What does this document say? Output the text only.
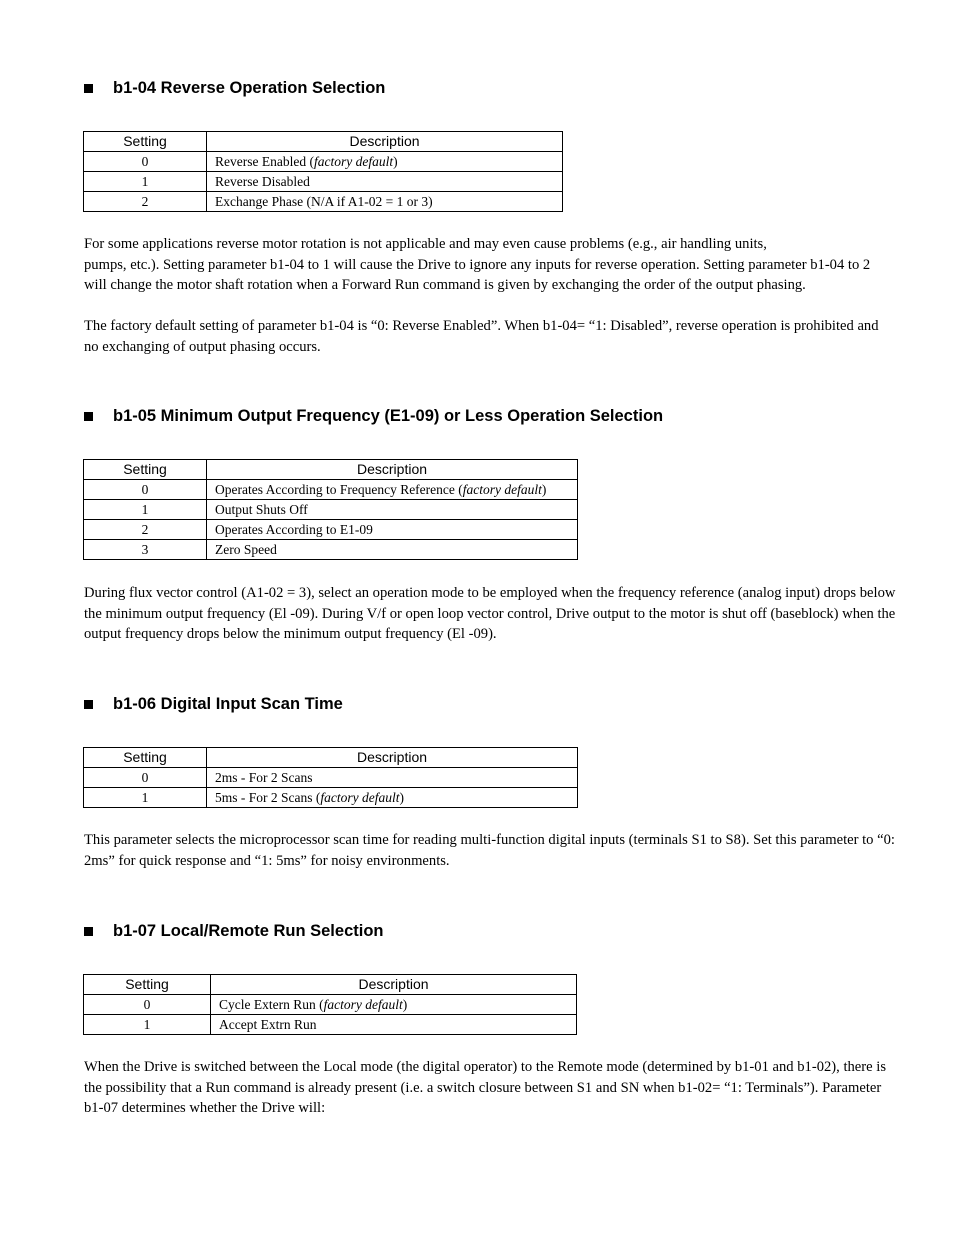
b1-04 Reverse Operation Selection
Setting	Description
0	Reverse Enabled (factory default)
1	Reverse Disabled
2	Exchange Phase (N/A if A1-02 = 1 or 3)
For some applications reverse motor rotation is not applicable and may even cause problems (e.g., air handling units,
pumps, etc.). Setting parameter b1-04 to 1 will cause the Drive to ignore any inputs for reverse operation. Setting parameter b1-04 to 2 will change the motor shaft rotation when a Forward Run command is given by exchanging the order of the output phasing.
The factory default setting of parameter b1-04 is “0: Reverse Enabled”. When b1-04= “1: Disabled”, reverse operation is prohibited and no exchanging of output phasing occurs.
b1-05 Minimum Output Frequency (E1-09) or Less Operation Selection
Setting	Description
0	Operates According to Frequency Reference (factory default)
1	Output Shuts Off
2	Operates According to E1-09
3	Zero Speed
During flux vector control (A1-02 = 3), select an operation mode to be employed when the frequency reference (analog input) drops below the minimum output frequency (El -09). During V/f or open loop vector control, Drive output to the motor is shut off (baseblock) when the output frequency drops below the minimum output frequency (El -09).
b1-06 Digital Input Scan Time
Setting	Description
0	2ms - For 2 Scans
1	5ms - For 2 Scans (factory default)
This parameter selects the microprocessor scan time for reading multi-function digital inputs (terminals S1 to S8). Set this parameter to “0: 2ms” for quick response and “1: 5ms” for noisy environments.
b1-07 Local/Remote Run Selection
Setting	Description
0	Cycle Extern Run (factory default)
1	Accept Extrn Run
When the Drive is switched between the Local mode (the digital operator) to the Remote mode (determined by b1-01 and b1-02), there is the possibility that a Run command is already present (i.e. a switch closure between S1 and SN when b1-02= “1: Terminals”). Parameter b1-07 determines whether the Drive will:
